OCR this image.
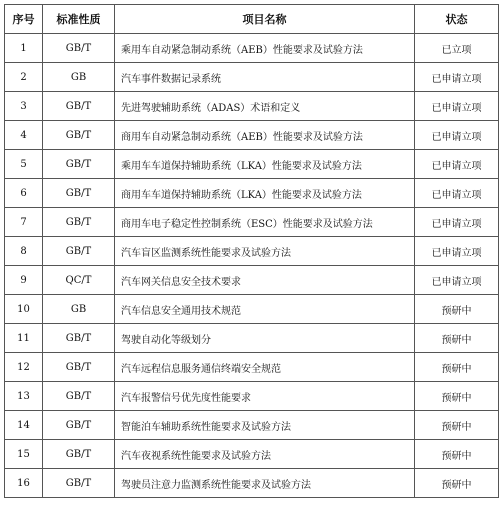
序号	标准性质	项目名称	状态
1	GB/T	乘用车自动紧急制动系统（AEB）性能要求及试验方法	已立项
2	GB	汽车事件数据记录系统	已申请立项
3	GB/T	先进驾驶辅助系统（ADAS）术语和定义	已申请立项
4	GB/T	商用车自动紧急制动系统（AEB）性能要求及试验方法	已申请立项
5	GB/T	乘用车车道保持辅助系统（LKA）性能要求及试验方法	已申请立项
6	GB/T	商用车车道保持辅助系统（LKA）性能要求及试验方法	已申请立项
7	GB/T	商用车电子稳定性控制系统（ESC）性能要求及试验方法	已申请立项
8	GB/T	汽车盲区监测系统性能要求及试验方法	已申请立项
9	QC/T	汽车网关信息安全技术要求	已申请立项
10	GB	汽车信息安全通用技术规范	预研中
11	GB/T	驾驶自动化等级划分	预研中
12	GB/T	汽车远程信息服务通信终端安全规范	预研中
13	GB/T	汽车报警信号优先度性能要求	预研中
14	GB/T	智能泊车辅助系统性能要求及试验方法	预研中
15	GB/T	汽车夜视系统性能要求及试验方法	预研中
16	GB/T	驾驶员注意力监测系统性能要求及试验方法	预研中
